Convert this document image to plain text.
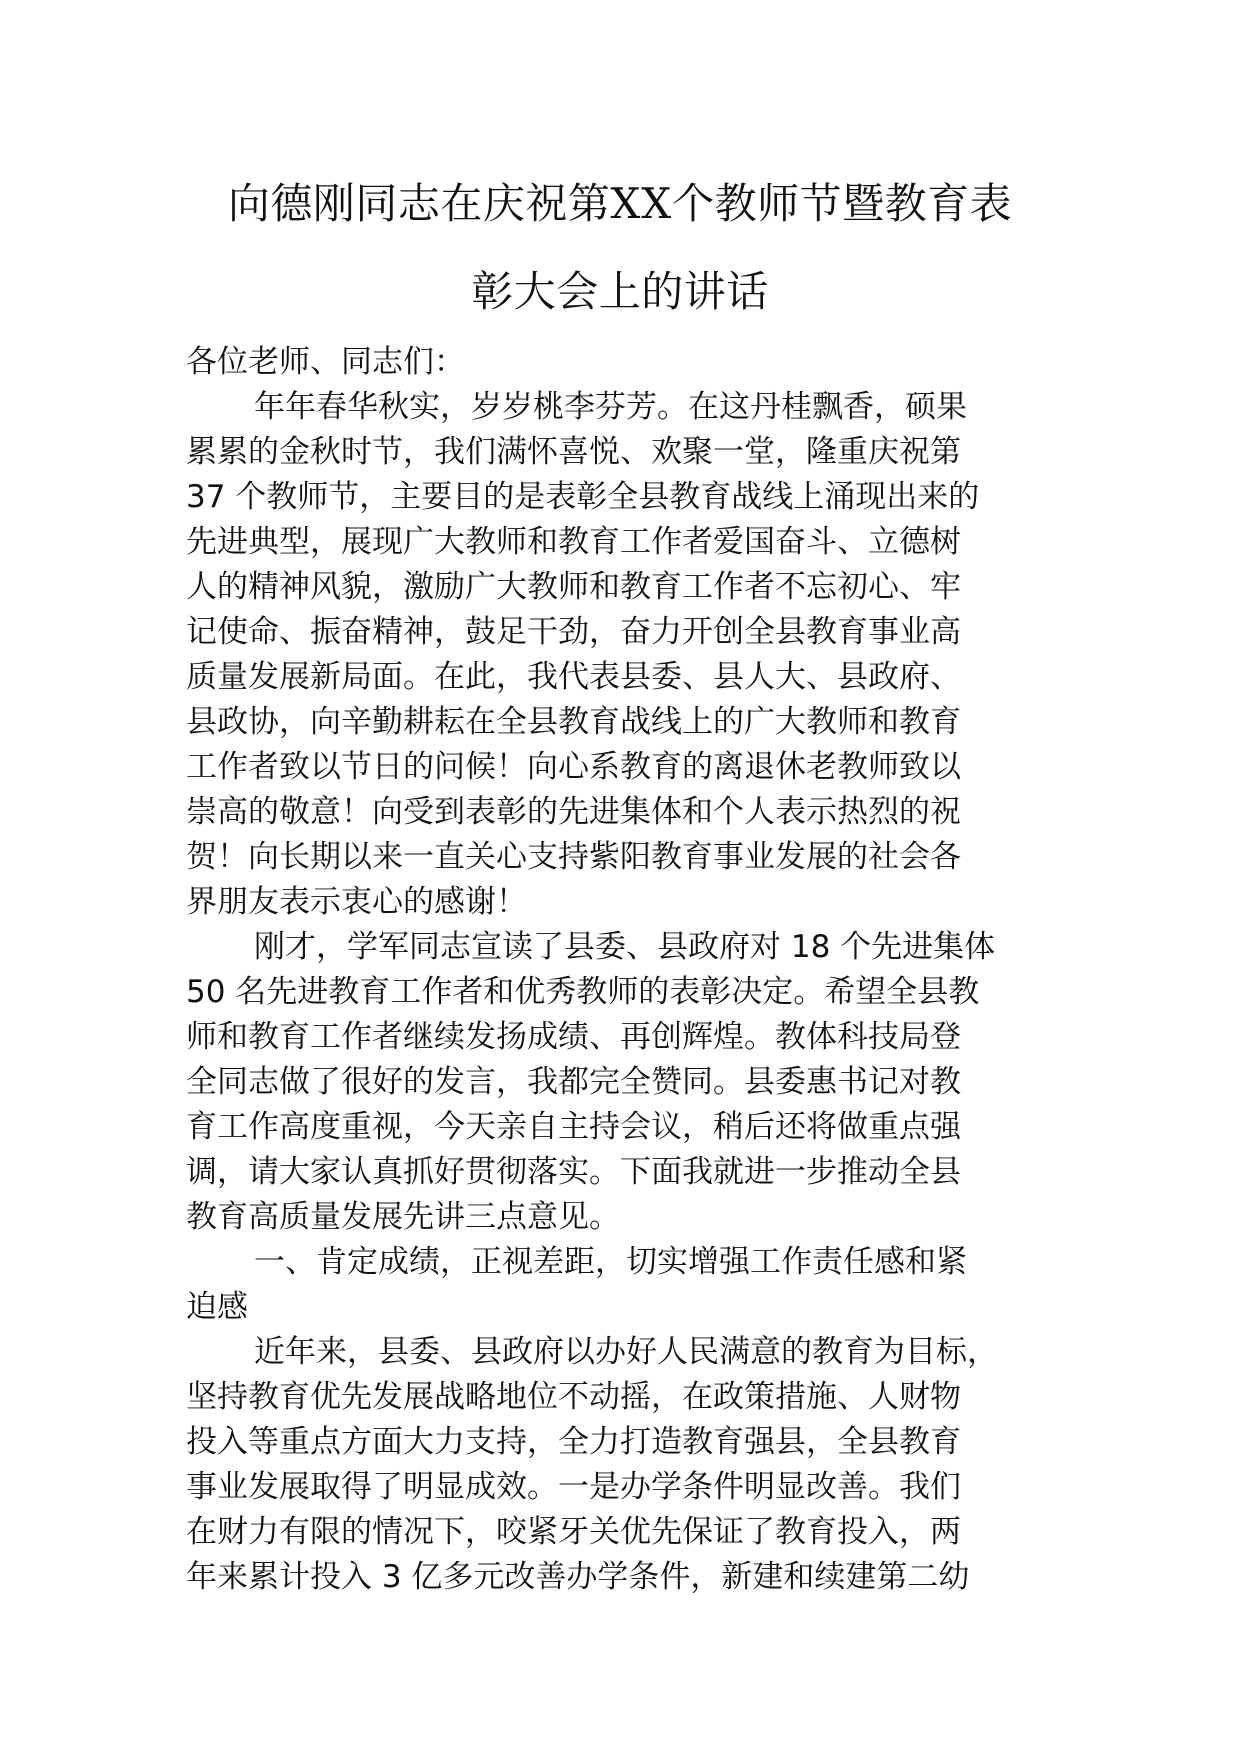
向德刚同志在庆祝第XX个教师节暨教育表
彰大会上的讲话
各位老师、同志们：
年年春华秋实，岁岁桃李芬芳。在这丹桂飘香，硕果
累累的金秋时节，我们满怀喜悦、欢聚一堂，隆重庆祝第
37 个教师节，主要目的是表彰全县教育战线上涌现出来的
先进典型，展现广大教师和教育工作者爱国奋斗、立德树
人的精神风貌，激励广大教师和教育工作者不忘初心、牢
记使命、振奋精神，鼓足干劲，奋力开创全县教育事业高
质量发展新局面。在此，我代表县委、县人大、县政府、
县政协，向辛勤耕耘在全县教育战线上的广大教师和教育
工作者致以节日的问候！向心系教育的离退休老教师致以
崇高的敬意！向受到表彰的先进集体和个人表示热烈的祝
贺！向长期以来一直关心支持紫阳教育事业发展的社会各
界朋友表示衷心的感谢！
刚才，学军同志宣读了县委、县政府对 18 个先进集体
50 名先进教育工作者和优秀教师的表彰决定。希望全县教
师和教育工作者继续发扬成绩、再创辉煌。教体科技局登
全同志做了很好的发言，我都完全赞同。县委惠书记对教
育工作高度重视，今天亲自主持会议，稍后还将做重点强
调，请大家认真抓好贯彻落实。下面我就进一步推动全县
教育高质量发展先讲三点意见。
一、肯定成绩，正视差距，切实增强工作责任感和紧
迫感
近年来，县委、县政府以办好人民满意的教育为目标，
坚持教育优先发展战略地位不动摇，在政策措施、人财物
投入等重点方面大力支持，全力打造教育强县，全县教育
事业发展取得了明显成效。一是办学条件明显改善。我们
在财力有限的情况下，咬紧牙关优先保证了教育投入，两
年来累计投入 3 亿多元改善办学条件，新建和续建第二幼
